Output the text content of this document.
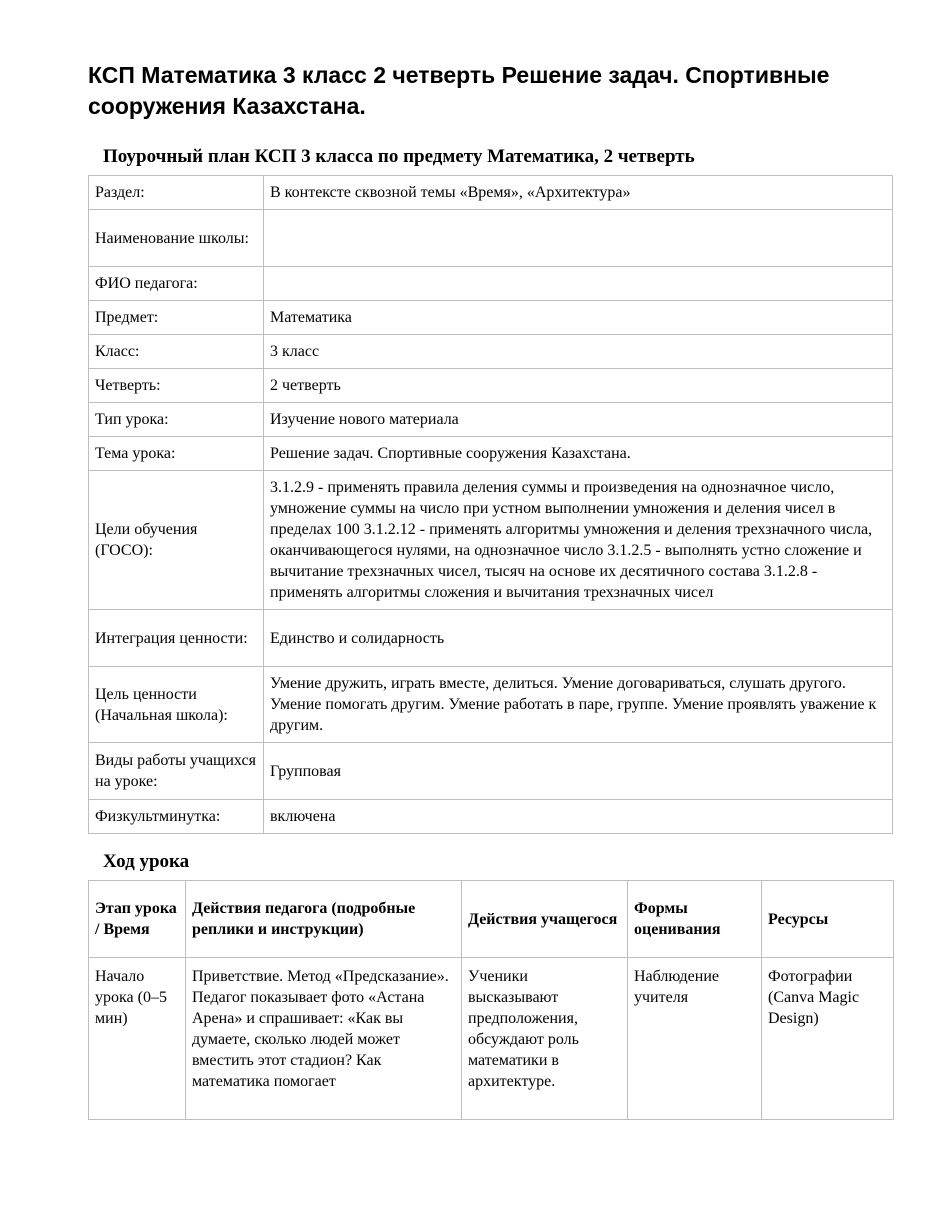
КСП Математика 3 класс 2 четверть Решение задач. Спортивные сооружения Казахстана.
Поурочный план КСП 3 класса по предмету Математика, 2 четверть
Раздел:	В контексте сквозной темы «Время», «Архитектура»
Наименование школы:	
ФИО педагога:	
Предмет:	Математика
Класс:	3 класс
Четверть:	2 четверть
Тип урока:	Изучение нового материала
Тема урока:	Решение задач. Спортивные сооружения Казахстана.
Цели обучения (ГОСО):	3.1.2.9 - применять правила деления суммы и произведения на однозначное число, умножение суммы на число при устном выполнении умножения и деления чисел в пределах 100 3.1.2.12 - применять алгоритмы умножения и деления трехзначного числа, оканчивающегося нулями, на однозначное число 3.1.2.5 - выполнять устно сложение и вычитание трехзначных чисел, тысяч на основе их десятичного состава 3.1.2.8 - применять алгоритмы сложения и вычитания трехзначных чисел
Интеграция ценности:	Единство и солидарность
Цель ценности (Начальная школа):	Умение дружить, играть вместе, делиться. Умение договариваться, слушать другого. Умение помогать другим. Умение работать в паре, группе. Умение проявлять уважение к другим.
Виды работы учащихся на уроке:	Групповая
Физкультминутка:	включена
Ход урока
Этап урока / Время	Действия педагога (подробные реплики и инструкции)	Действия учащегося	Формы оценивания	Ресурсы
Начало урока (0–5 мин)	Приветствие. Метод «Предсказание». Педагог показывает фото «Астана Арена» и спрашивает: «Как вы думаете, сколько людей может вместить этот стадион? Как математика помогает	Ученики высказывают предположения, обсуждают роль математики в архитектуре.	Наблюдение учителя	Фотографии (Canva Magic Design)
